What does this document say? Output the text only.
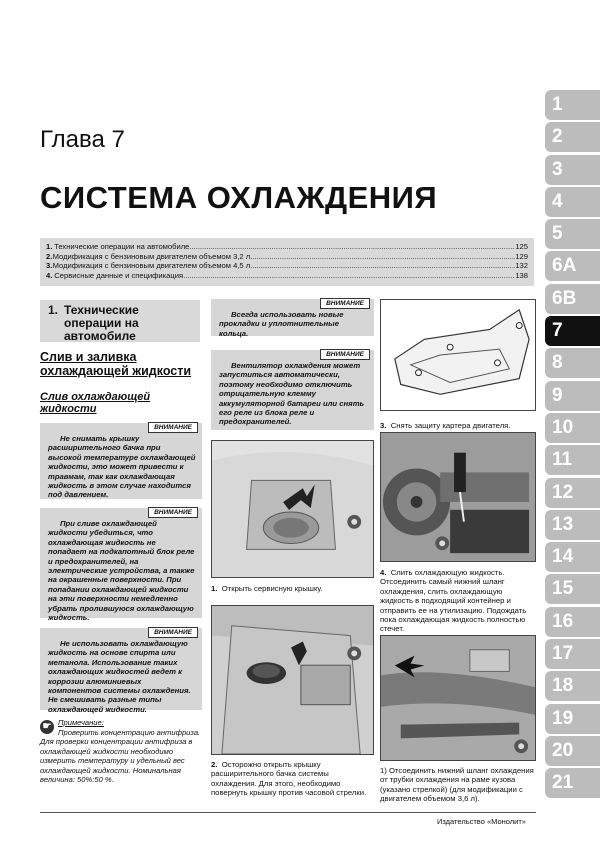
Глава 7
СИСТЕМА ОХЛАЖДЕНИЯ
1. Технические операции на автомобиле .....	125
2. Модификация с бензиновым двигателем объемом 3,2 л .....	129
3. Модификация с бензиновым двигателем объемом 4,5 л .....	132
4. Сервисные данные и спецификация .....	138
1
2
3
4
5
6A
6B
7
8
9
10
11
12
13
14
15
16
17
18
19
20
21
1. Технические операции на автомобиле
Слив и заливка охлаждающей жидкости
Слив охлаждающей жидкости
ВНИМАНИЕ

Не снимать крышку расширительного бачка при высокой температуре охлаждающей жидкости, это может привести к травмам, так как охлаждающая жидкость в этом случае находится под давлением.

ВНИМАНИЕ

При сливе охлаждающей жидкости убедиться, что охлаждающая жидкость не попадает на подкапотный блок реле и предохранителей, на электрические устройства, а также на окрашенные поверхности. При попадании охлаждающей жидкости на эти поверхности немедленно убрать пролившуюся охлаждающую жидкость.

ВНИМАНИЕ

Не использовать охлаждающую жидкость на основе спирта или метанола. Использование таких охлаждающих жидкостей ведет к коррозии алюминиевых компонентов системы охлаждения. Не смешивать разные типы охлаждающей жидкости.

☛ Примечание:
Проверить концентрацию антифриза.
Для проверки концентрации антифриза в охлаждающей жидкости необходимо измерить температуру и удельный вес охлаждающей жидкости. Номинальная величина: 50%:50 %.
ВНИМАНИЕ

Всегда использовать новые прокладки и уплотнительные кольца.

ВНИМАНИЕ

Вентилятор охлаждения может запуститься автоматически, поэтому необходимо отключить отрицательную клемму аккумуляторной батареи или снять его реле из блока реле и предохранителей.

1. Открыть сервисную крышку.
2. Осторожно открыть крышку расширительного бачка системы охлаждения. Для этого, необходимо повернуть крышку против часовой стрелки.
3. Снять защиту картера двигателя.
4. Слить охлаждающую жидкость. Отсоединить самый нижний шланг охлаждения, слить охлаждающую жидкость в подходящий контейнер и отправить ее на утилизацию. Подождать пока охлаждающая жидкость полностью стечет.
1) Отсоединить нижний шланг охлаждения от трубки охлаждения на раме кузова (указано стрелкой) (для модификации с двигателем объемом 3,6 л).
Издательство «Монолит»
